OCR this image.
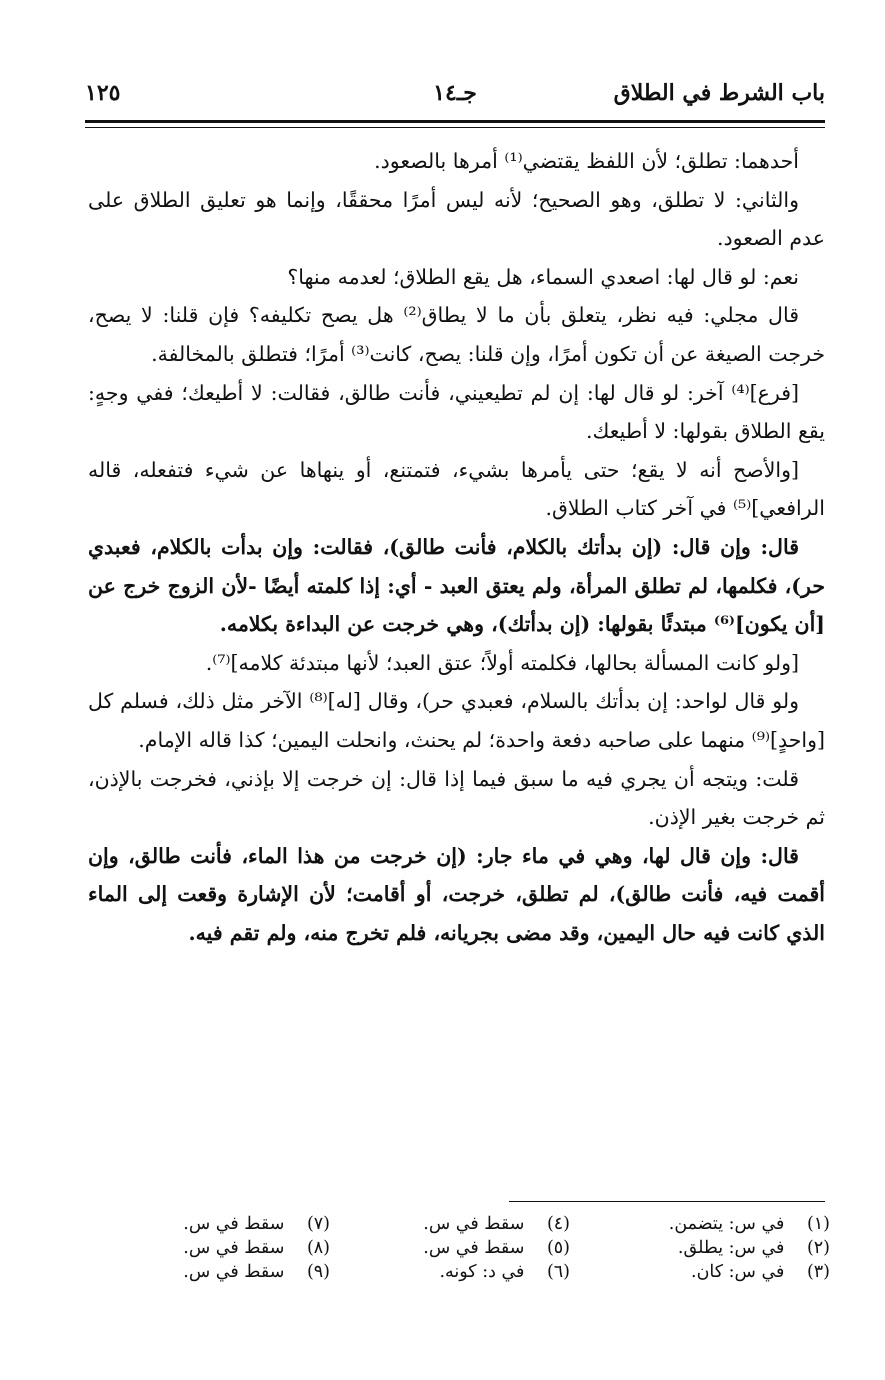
باب الشرط في الطلاق
جـ١٤
١٢٥

أحدهما: تطلق؛ لأن اللفظ يقتضي⁽¹⁾ أمرها بالصعود.

والثاني: لا تطلق، وهو الصحيح؛ لأنه ليس أمرًا محققًا، وإنما هو تعليق الطلاق على عدم الصعود.

نعم: لو قال لها: اصعدي السماء، هل يقع الطلاق؛ لعدمه منها؟

قال مجلي: فيه نظر، يتعلق بأن ما لا يطاق⁽²⁾ هل يصح تكليفه؟ فإن قلنا: لا يصح، خرجت الصيغة عن أن تكون أمرًا، وإن قلنا: يصح، كانت⁽³⁾ أمرًا؛ فتطلق بالمخالفة.

[فرع]⁽⁴⁾ آخر: لو قال لها: إن لم تطيعيني، فأنت طالق، فقالت: لا أطيعك؛ ففي وجهٍ: يقع الطلاق بقولها: لا أطيعك.

[والأصح أنه لا يقع؛ حتى يأمرها بشيء، فتمتنع، أو ينهاها عن شيء فتفعله، قاله الرافعي]⁽⁵⁾ في آخر كتاب الطلاق.

قال: وإن قال: (إن بدأتك بالكلام، فأنت طالق)، فقالت: وإن بدأت بالكلام، فعبدي حر)، فكلمها، لم تطلق المرأة، ولم يعتق العبد - أي: إذا كلمته أيضًا -لأن الزوج خرج عن [أن يكون]⁽⁶⁾ مبتدئًا بقولها: (إن بدأتك)، وهي خرجت عن البداءة بكلامه.

[ولو كانت المسألة بحالها، فكلمته أولاً؛ عتق العبد؛ لأنها مبتدئة كلامه]⁽⁷⁾.

ولو قال لواحد: إن بدأتك بالسلام، فعبدي حر)، وقال [له]⁽⁸⁾ الآخر مثل ذلك، فسلم كل [واحدٍ]⁽⁹⁾ منهما على صاحبه دفعة واحدة؛ لم يحنث، وانحلت اليمين؛ كذا قاله الإمام.

قلت: ويتجه أن يجري فيه ما سبق فيما إذا قال: إن خرجت إلا بإذني، فخرجت بالإذن، ثم خرجت بغير الإذن.

قال: وإن قال لها، وهي في ماء جار: (إن خرجت من هذا الماء، فأنت طالق، وإن أقمت فيه، فأنت طالق)، لم تطلق، خرجت، أو أقامت؛ لأن الإشارة وقعت إلى الماء الذي كانت فيه حال اليمين، وقد مضى بجريانه، فلم تخرج منه، ولم تقم فيه.

(١) في س: يتضمن.
(٢) في س: يطلق.
(٣) في س: كان.
(٤) سقط في س.
(٥) سقط في س.
(٦) في د: كونه.
(٧) سقط في س.
(٨) سقط في س.
(٩) سقط في س.
